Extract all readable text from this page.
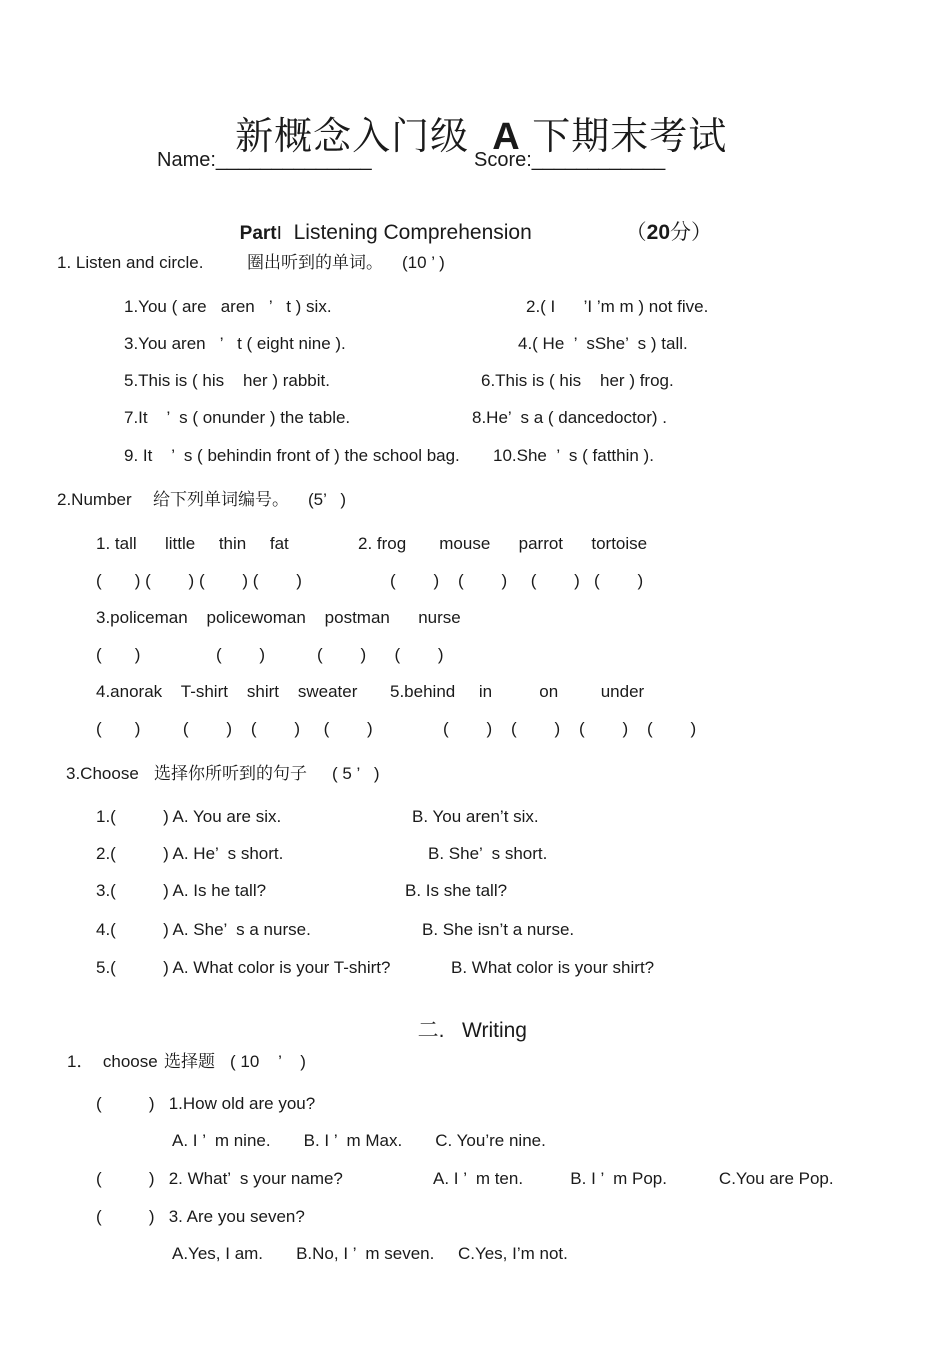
新概念入门级 A 下期末考试

Name:______________	Score:____________

PartⅠ Listening Comprehension	（20分）

1. Listen and circle.	圈出听到的单词。 (10 ’ )
1.You ( are   aren   ’   t ) six.	2.( I      ’I ’m m ) not five.
3.You aren   ’   t ( eight nine ).	4.( He  ’  sShe’  s ) tall.
5.This is ( his    her ) rabbit.	6.This is ( his    her ) frog.
7.It    ’  s ( onunder ) the table.	8.He’  s a ( dancedoctor) .
9. It    ’  s ( behindin front of ) the school bag. 10.She  ’  s ( fatthin ).
2.Number 给下列单词编号。 (5’   )
1. tall      little     thin     fat	2. frog       mouse      parrot      tortoise
(       ) (        ) (        ) (        )	(        )    (        )     (        )   (        )
3.policeman    policewoman    postman      nurse
(       )                (        )           (        )      (        )
4.anorak    T-shirt    shirt    sweater 5.behind     in          on         under
(       )         (        )    (        )     (        )	(        )    (        )    (        )    (        )
3.Choose 选择你所听到的句子 ( 5 ’   )
1.(          ) A. You are six.	B. You aren’t six.
2.(          ) A. He’  s short.	B. She’  s short.
3.(          ) A. Is he tall?	B. Is she tall?
4.(          ) A. She’  s a nurse.	B. She isn’t a nurse.
5.(          ) A. What color is your T-shirt?	B. What color is your shirt?

二. Writing

1．  choose 选择题 ( 10    ’    )
(          )   1.How old are you?
A. I ’  m nine.       B. I ’  m Max.       C. You’re nine.
(          )   2. What’  s your name?	A. I ’  m ten.          B. I ’  m Pop.           C.You are Pop.
(          )   3. Are you seven?
A.Yes, I am.       B.No, I ’  m seven.     C.Yes, I’m not.
